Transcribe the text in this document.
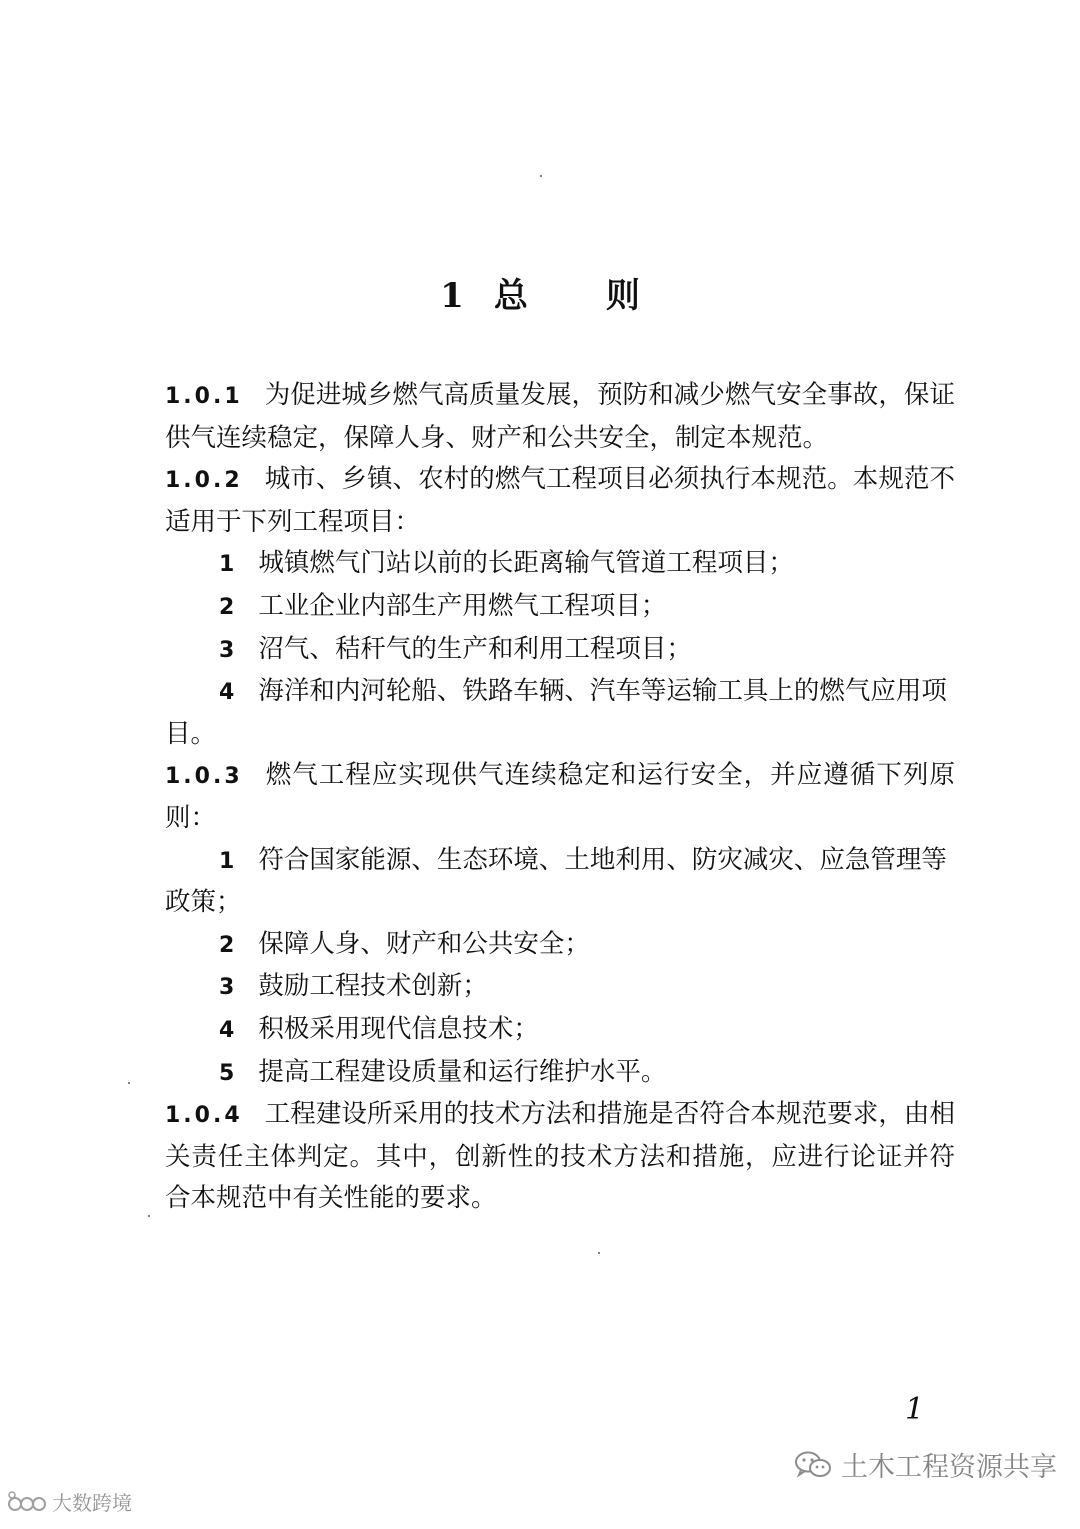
1 总 则

1.0.1 为促进城乡燃气高质量发展，预防和减少燃气安全事故，保证供气连续稳定，保障人身、财产和公共安全，制定本规范。

1.0.2 城市、乡镇、农村的燃气工程项目必须执行本规范。本规范不适用于下列工程项目：

1 城镇燃气门站以前的长距离输气管道工程项目；

2 工业企业内部生产用燃气工程项目；

3 沼气、秸秆气的生产和利用工程项目；

4 海洋和内河轮船、铁路车辆、汽车等运输工具上的燃气应用项目。

1.0.3 燃气工程应实现供气连续稳定和运行安全，并应遵循下列原则：

1 符合国家能源、生态环境、土地利用、防灾减灾、应急管理等政策；

2 保障人身、财产和公共安全；

3 鼓励工程技术创新；

4 积极采用现代信息技术；

5 提高工程建设质量和运行维护水平。

1.0.4 工程建设所采用的技术方法和措施是否符合本规范要求，由相关责任主体判定。其中，创新性的技术方法和措施，应进行论证并符合本规范中有关性能的要求。

1
土木工程资源共享
大数跨境
